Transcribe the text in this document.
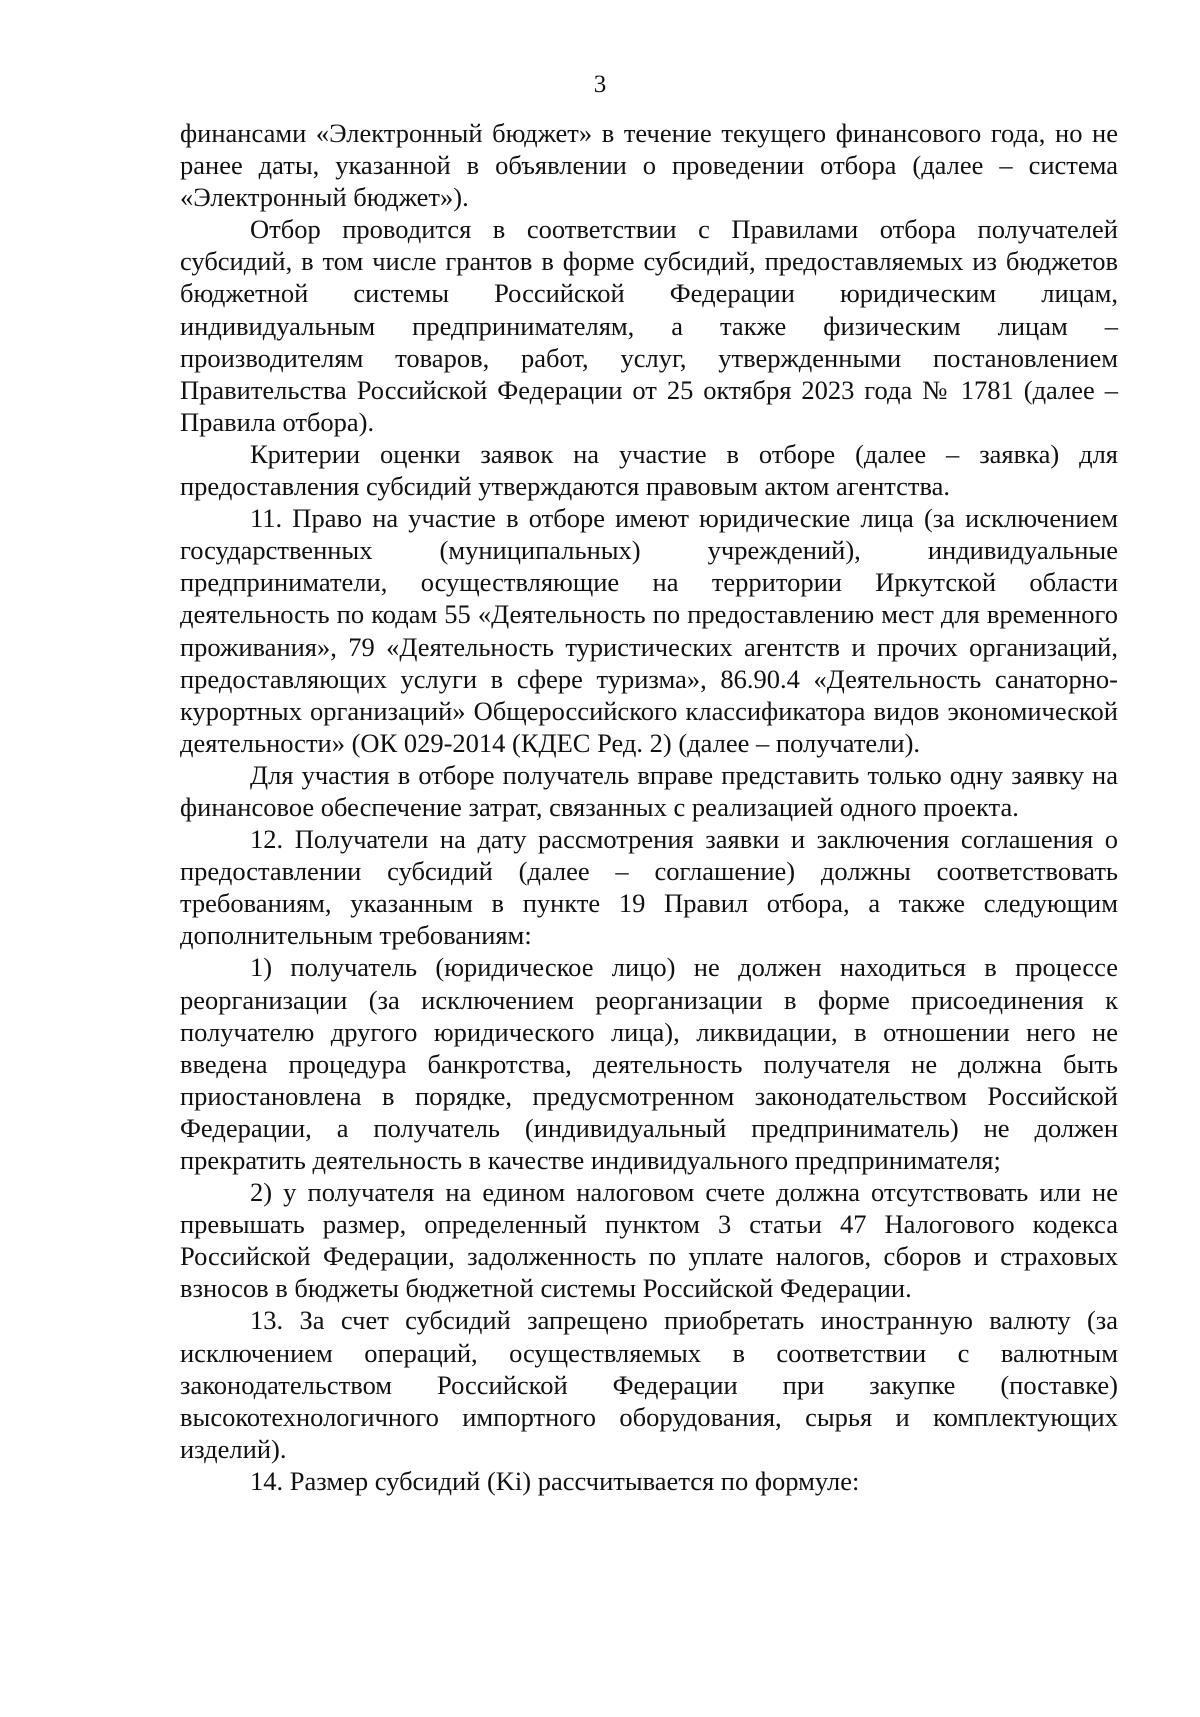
3

финансами «Электронный бюджет» в течение текущего финансового года, но не ранее даты, указанной в объявлении о проведении отбора (далее – система «Электронный бюджет»).

Отбор проводится в соответствии с Правилами отбора получателей субсидий, в том числе грантов в форме субсидий, предоставляемых из бюджетов бюджетной системы Российской Федерации юридическим лицам, индивидуальным предпринимателям, а также физическим лицам – производителям товаров, работ, услуг, утвержденными постановлением Правительства Российской Федерации от 25 октября 2023 года № 1781 (далее – Правила отбора).

Критерии оценки заявок на участие в отборе (далее – заявка) для предоставления субсидий утверждаются правовым актом агентства.

11. Право на участие в отборе имеют юридические лица (за исключением государственных (муниципальных) учреждений), индивидуальные предприниматели, осуществляющие на территории Иркутской области деятельность по кодам 55 «Деятельность по предоставлению мест для временного проживания», 79 «Деятельность туристических агентств и прочих организаций, предоставляющих услуги в сфере туризма», 86.90.4 «Деятельность санаторно-курортных организаций» Общероссийского классификатора видов экономической деятельности» (ОК 029-2014 (КДЕС Ред. 2) (далее – получатели).

Для участия в отборе получатель вправе представить только одну заявку на финансовое обеспечение затрат, связанных с реализацией одного проекта.

12. Получатели на дату рассмотрения заявки и заключения соглашения о предоставлении субсидий (далее – соглашение) должны соответствовать требованиям, указанным в пункте 19 Правил отбора, а также следующим дополнительным требованиям:

1) получатель (юридическое лицо) не должен находиться в процессе реорганизации (за исключением реорганизации в форме присоединения к получателю другого юридического лица), ликвидации, в отношении него не введена процедура банкротства, деятельность получателя не должна быть приостановлена в порядке, предусмотренном законодательством Российской Федерации, а получатель (индивидуальный предприниматель) не должен прекратить деятельность в качестве индивидуального предпринимателя;

2) у получателя на едином налоговом счете должна отсутствовать или не превышать размер, определенный пунктом 3 статьи 47 Налогового кодекса Российской Федерации, задолженность по уплате налогов, сборов и страховых взносов в бюджеты бюджетной системы Российской Федерации.

13. За счет субсидий запрещено приобретать иностранную валюту (за исключением операций, осуществляемых в соответствии с валютным законодательством Российской Федерации при закупке (поставке) высокотехнологичного импортного оборудования, сырья и комплектующих изделий).

14. Размер субсидий (Ki) рассчитывается по формуле:
